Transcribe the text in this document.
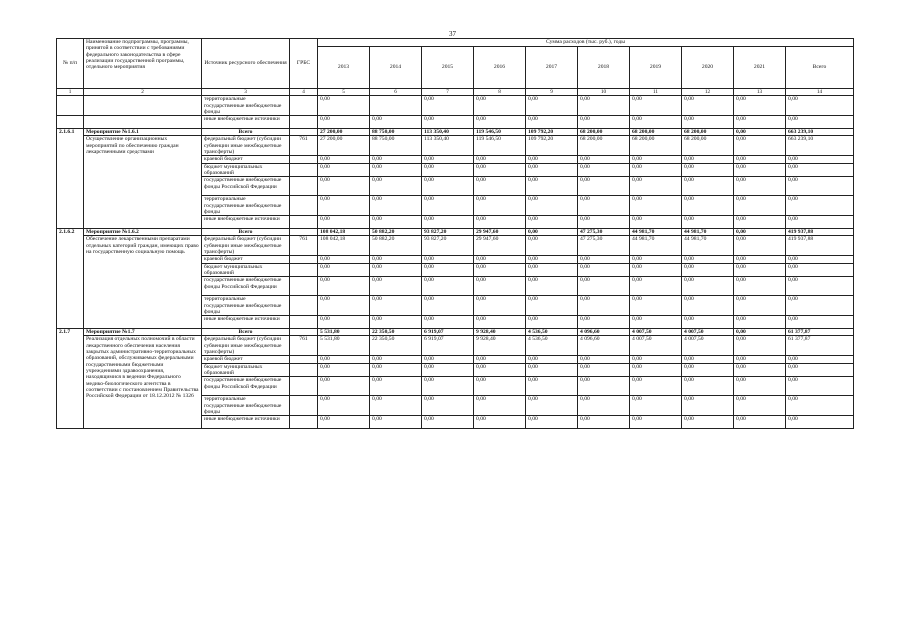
37
№ п/п	Наименование подпрограммы, программы, принятой в соответствии с требованиями федерального законодательства в сфере реализации государственной программы, отдельного мероприятия	Источник ресурсного обеспечения	ГРБС	Сумма расходов (тыс. руб.), годы									
				2013	2014	2015	2016	2017	2018	2019	2020	2021	Всего
1	2	3	4	5	6	7	8	9	10	11	12	13	14
		территориальные государственные внебюджетные фонды		0,00		0,00	0,00	0,00	0,00	0,00	0,00	0,00	0,00
		иные внебюджетные источники		0,00	0,00	0,00	0,00	0,00	0,00	0,00	0,00	0,00	0,00
2.1.6.1	Мероприятие №1.6.1	Всего		27 200,00	88 750,00	113 350,40	119 546,50	109 792,20	68 200,00	68 200,00	68 200,00	0,00	663 239,10
	Осуществление организационных мероприятий по обеспечению граждан лекарственными средствами	федеральный бюджет (субсидии субвенции иные межбюджетные трансферты)	761	27 200,00	88 750,00	113 350,40	119 546,50	109 792,20	68 200,00	68 200,00	68 200,00	0,00	663 239,10
		краевой бюджет		0,00	0,00	0,00	0,00	0,00	0,00	0,00	0,00	0,00	0,00
		бюджет муниципальных образований		0,00	0,00	0,00	0,00	0,00	0,00	0,00	0,00	0,00	0,00
		государственные внебюджетные фонды Российской Федерации		0,00	0,00	0,00	0,00	0,00	0,00	0,00	0,00	0,00	0,00
		территориальные государственные внебюджетные фонды		0,00	0,00	0,00	0,00	0,00	0,00	0,00	0,00	0,00	0,00
		иные внебюджетные источники		0,00	0,00	0,00	0,00	0,00	0,00	0,00	0,00	0,00	0,00
2.1.6.2	Мероприятие №1.6.2	Всего		108 042,18	50 882,20	93 827,20	29 947,60	0,00	47 275,30	44 981,70	44 981,70	0,00	419 937,88
	Обеспечение лекарственными препаратами отдельных категорий граждан, имеющих право на государственную социальную помощь	федеральный бюджет (субсидии субвенции иные межбюджетные трансферты)	761	108 042,18	50 882,20	93 827,20	29 947,60	0,00	47 275,30	44 981,70	44 981,70	0,00	419 937,88
		краевой бюджет		0,00	0,00	0,00	0,00	0,00	0,00	0,00	0,00	0,00	0,00
		бюджет муниципальных образований		0,00	0,00	0,00	0,00	0,00	0,00	0,00	0,00	0,00	0,00
		государственные внебюджетные фонды Российской Федерации		0,00	0,00	0,00	0,00	0,00	0,00	0,00	0,00	0,00	0,00
		территориальные государственные внебюджетные фонды		0,00	0,00	0,00	0,00	0,00	0,00	0,00	0,00	0,00	0,00
		иные внебюджетные источники		0,00	0,00	0,00	0,00	0,00	0,00	0,00	0,00	0,00	0,00
2.1.7	Мероприятие №1.7	Всего		5 531,80	22 350,50	6 919,07	9 928,40	4 536,50	4 096,60	4 007,50	4 007,50	0,00	61 377,87
	Реализация отдельных полномочий в области лекарственного обеспечения населения закрытых административно-территориальных образований, обслуживаемых федеральными государственными бюджетными учреждениями здравоохранения, находящимися в ведении Федерального медико-биологического агентства в соответствии с постановлением Правительства Российской Федерации от 18.12.2012 № 1326	федеральный бюджет (субсидии субвенции иные межбюджетные трансферты)	761	5 531,80	22 350,50	6 919,07	9 928,40	4 536,50	4 096,60	4 007,50	4 007,50	0,00	61 377,87
		краевой бюджет		0,00	0,00	0,00	0,00	0,00	0,00	0,00	0,00	0,00	0,00
		бюджет муниципальных образований		0,00	0,00	0,00	0,00	0,00	0,00	0,00	0,00	0,00	0,00
		государственные внебюджетные фонды Российской Федерации		0,00	0,00	0,00	0,00	0,00	0,00	0,00	0,00	0,00	0,00
		территориальные государственные внебюджетные фонды		0,00	0,00	0,00	0,00	0,00	0,00	0,00	0,00	0,00	0,00
		иные внебюджетные источники		0,00	0,00	0,00	0,00	0,00	0,00	0,00	0,00	0,00	0,00
